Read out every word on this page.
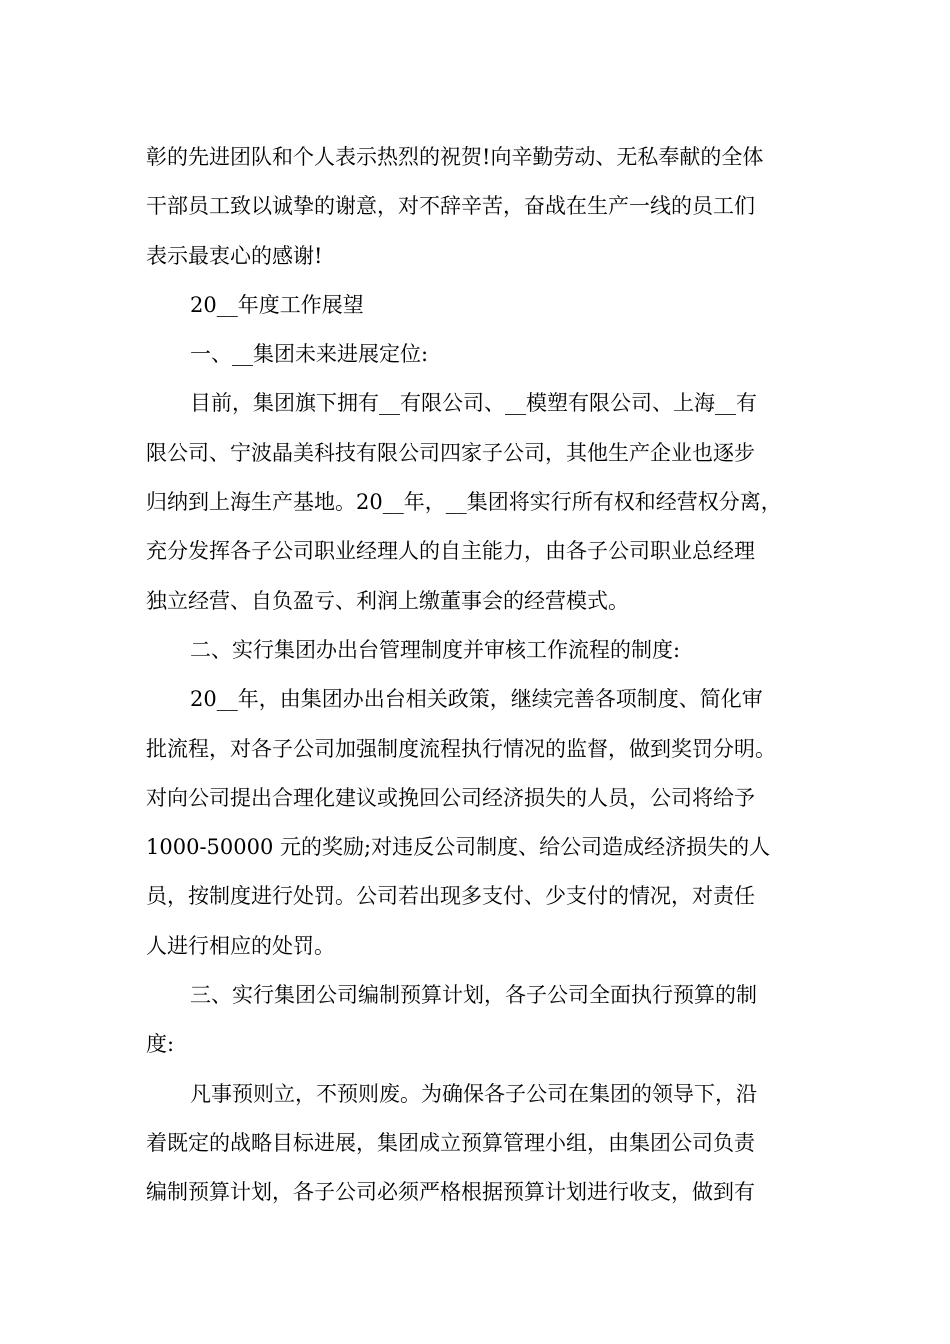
彰的先进团队和个人表示热烈的祝贺!向辛勤劳动、无私奉献的全体

干部员工致以诚挚的谢意，对不辞辛苦，奋战在生产一线的员工们

表示最衷心的感谢!

20__年度工作展望

一、__集团未来进展定位:

目前，集团旗下拥有__有限公司、__模塑有限公司、上海__有

限公司、宁波晶美科技有限公司四家子公司，其他生产企业也逐步

归纳到上海生产基地。20__年，__集团将实行所有权和经营权分离，

充分发挥各子公司职业经理人的自主能力，由各子公司职业总经理

独立经营、自负盈亏、利润上缴董事会的经营模式。

二、实行集团办出台管理制度并审核工作流程的制度:

20__年，由集团办出台相关政策，继续完善各项制度、简化审

批流程，对各子公司加强制度流程执行情况的监督，做到奖罚分明。

对向公司提出合理化建议或挽回公司经济损失的人员，公司将给予

1000-50000 元的奖励;对违反公司制度、给公司造成经济损失的人

员，按制度进行处罚。公司若出现多支付、少支付的情况，对责任

人进行相应的处罚。

三、实行集团公司编制预算计划，各子公司全面执行预算的制

度:

凡事预则立，不预则废。为确保各子公司在集团的领导下，沿

着既定的战略目标进展，集团成立预算管理小组，由集团公司负责

编制预算计划，各子公司必须严格根据预算计划进行收支，做到有
